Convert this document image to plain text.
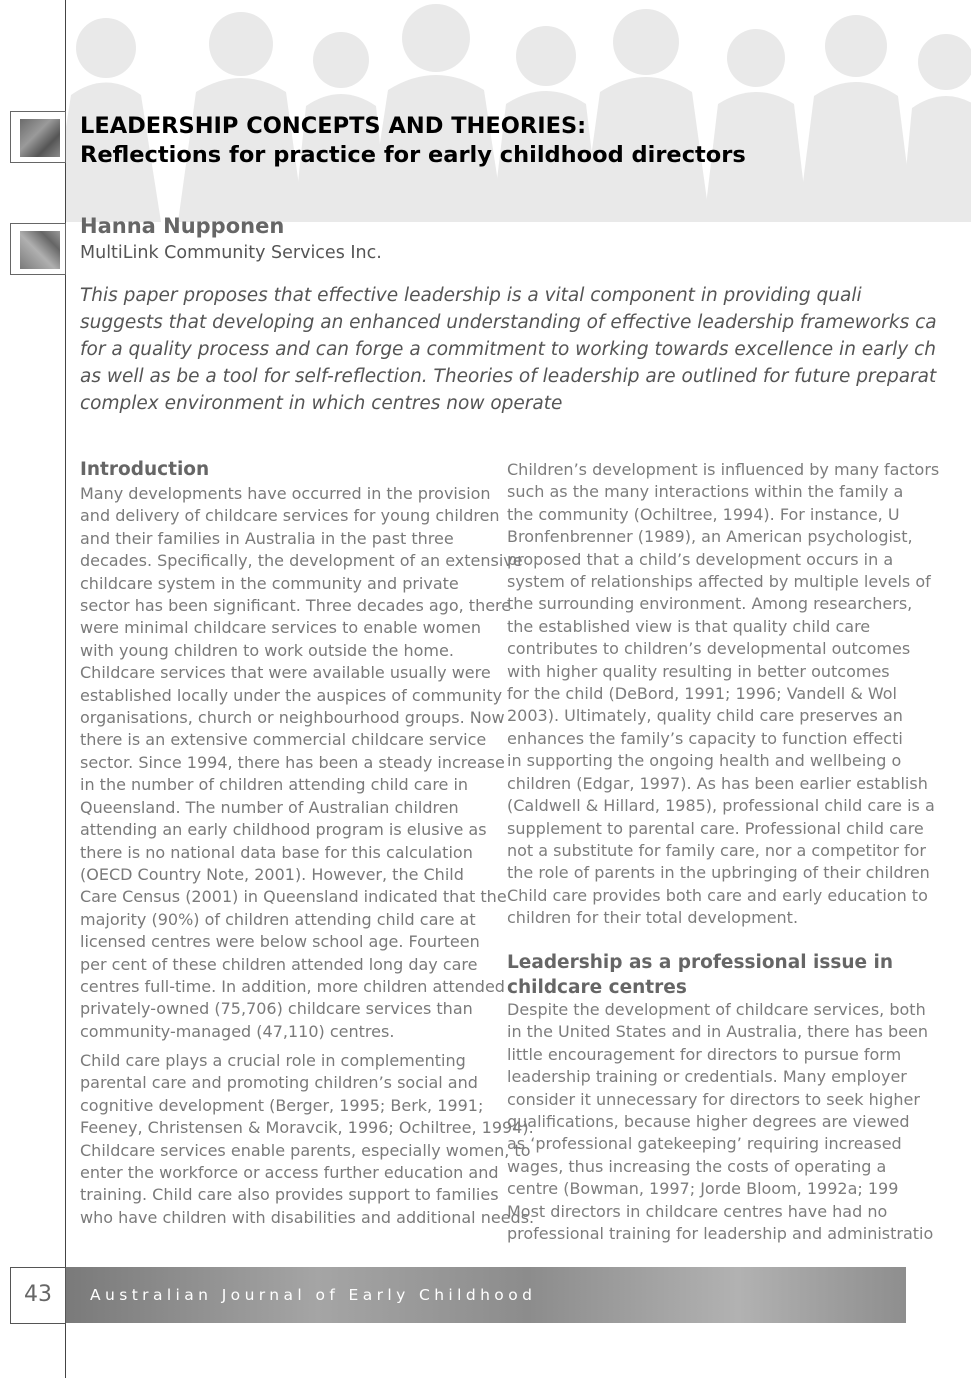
LEADERSHIP CONCEPTS AND THEORIES:
Reflections for practice for early childhood directors
Hanna Nupponen

MultiLink Community Services Inc.

This paper proposes that effective leadership is a vital component in providing quali
suggests that developing an enhanced understanding of effective leadership frameworks ca
for a quality process and can forge a commitment to working towards excellence in early ch
as well as be a tool for self-reflection. Theories of leadership are outlined for future preparat
complex environment in which centres now operate
Introduction
Many developments have occurred in the provision
and delivery of childcare services for young children
and their families in Australia in the past three
decades. Specifically, the development of an extensive
childcare system in the community and private
sector has been significant. Three decades ago, there
were minimal childcare services to enable women
with young children to work outside the home.
Childcare services that were available usually were
established locally under the auspices of community
organisations, church or neighbourhood groups. Now
there is an extensive commercial childcare service
sector. Since 1994, there has been a steady increase
in the number of children attending child care in
Queensland. The number of Australian children
attending an early childhood program is elusive as
there is no national data base for this calculation
(OECD Country Note, 2001). However, the Child
Care Census (2001) in Queensland indicated that the
majority (90%) of children attending child care at
licensed centres were below school age. Fourteen
per cent of these children attended long day care
centres full-time. In addition, more children attended
privately-owned (75,706) childcare services than
community-managed (47,110) centres.
Child care plays a crucial role in complementing
parental care and promoting children’s social and
cognitive development (Berger, 1995; Berk, 1991;
Feeney, Christensen & Moravcik, 1996; Ochiltree, 1994).
Childcare services enable parents, especially women, to
enter the workforce or access further education and
training. Child care also provides support to families
who have children with disabilities and additional needs.
Children’s development is influenced by many factors
such as the many interactions within the family a
the community (Ochiltree, 1994). For instance, U
Bronfenbrenner (1989), an American psychologist,
proposed that a child’s development occurs in a
system of relationships affected by multiple levels of
the surrounding environment. Among researchers,
the established view is that quality child care
contributes to children’s developmental outcomes
with higher quality resulting in better outcomes
for the child (DeBord, 1991; 1996; Vandell & Wol
2003). Ultimately, quality child care preserves an
enhances the family’s capacity to function effecti
in supporting the ongoing health and wellbeing o
children (Edgar, 1997). As has been earlier establish
(Caldwell & Hillard, 1985), professional child care is a
supplement to parental care. Professional child care
not a substitute for family care, nor a competitor for
the role of parents in the upbringing of their children
Child care provides both care and early education to
children for their total development.
Leadership as a professional issue in
childcare centres
Despite the development of childcare services, both
in the United States and in Australia, there has been
little encouragement for directors to pursue form
leadership training or credentials. Many employer
consider it unnecessary for directors to seek higher
qualifications, because higher degrees are viewed
as ‘professional gatekeeping’ requiring increased
wages, thus increasing the costs of operating a
centre (Bowman, 1997; Jorde Bloom, 1992a; 199
Most directors in childcare centres have had no
professional training for leadership and administratio
43	Australian Journal of Early Childhood
